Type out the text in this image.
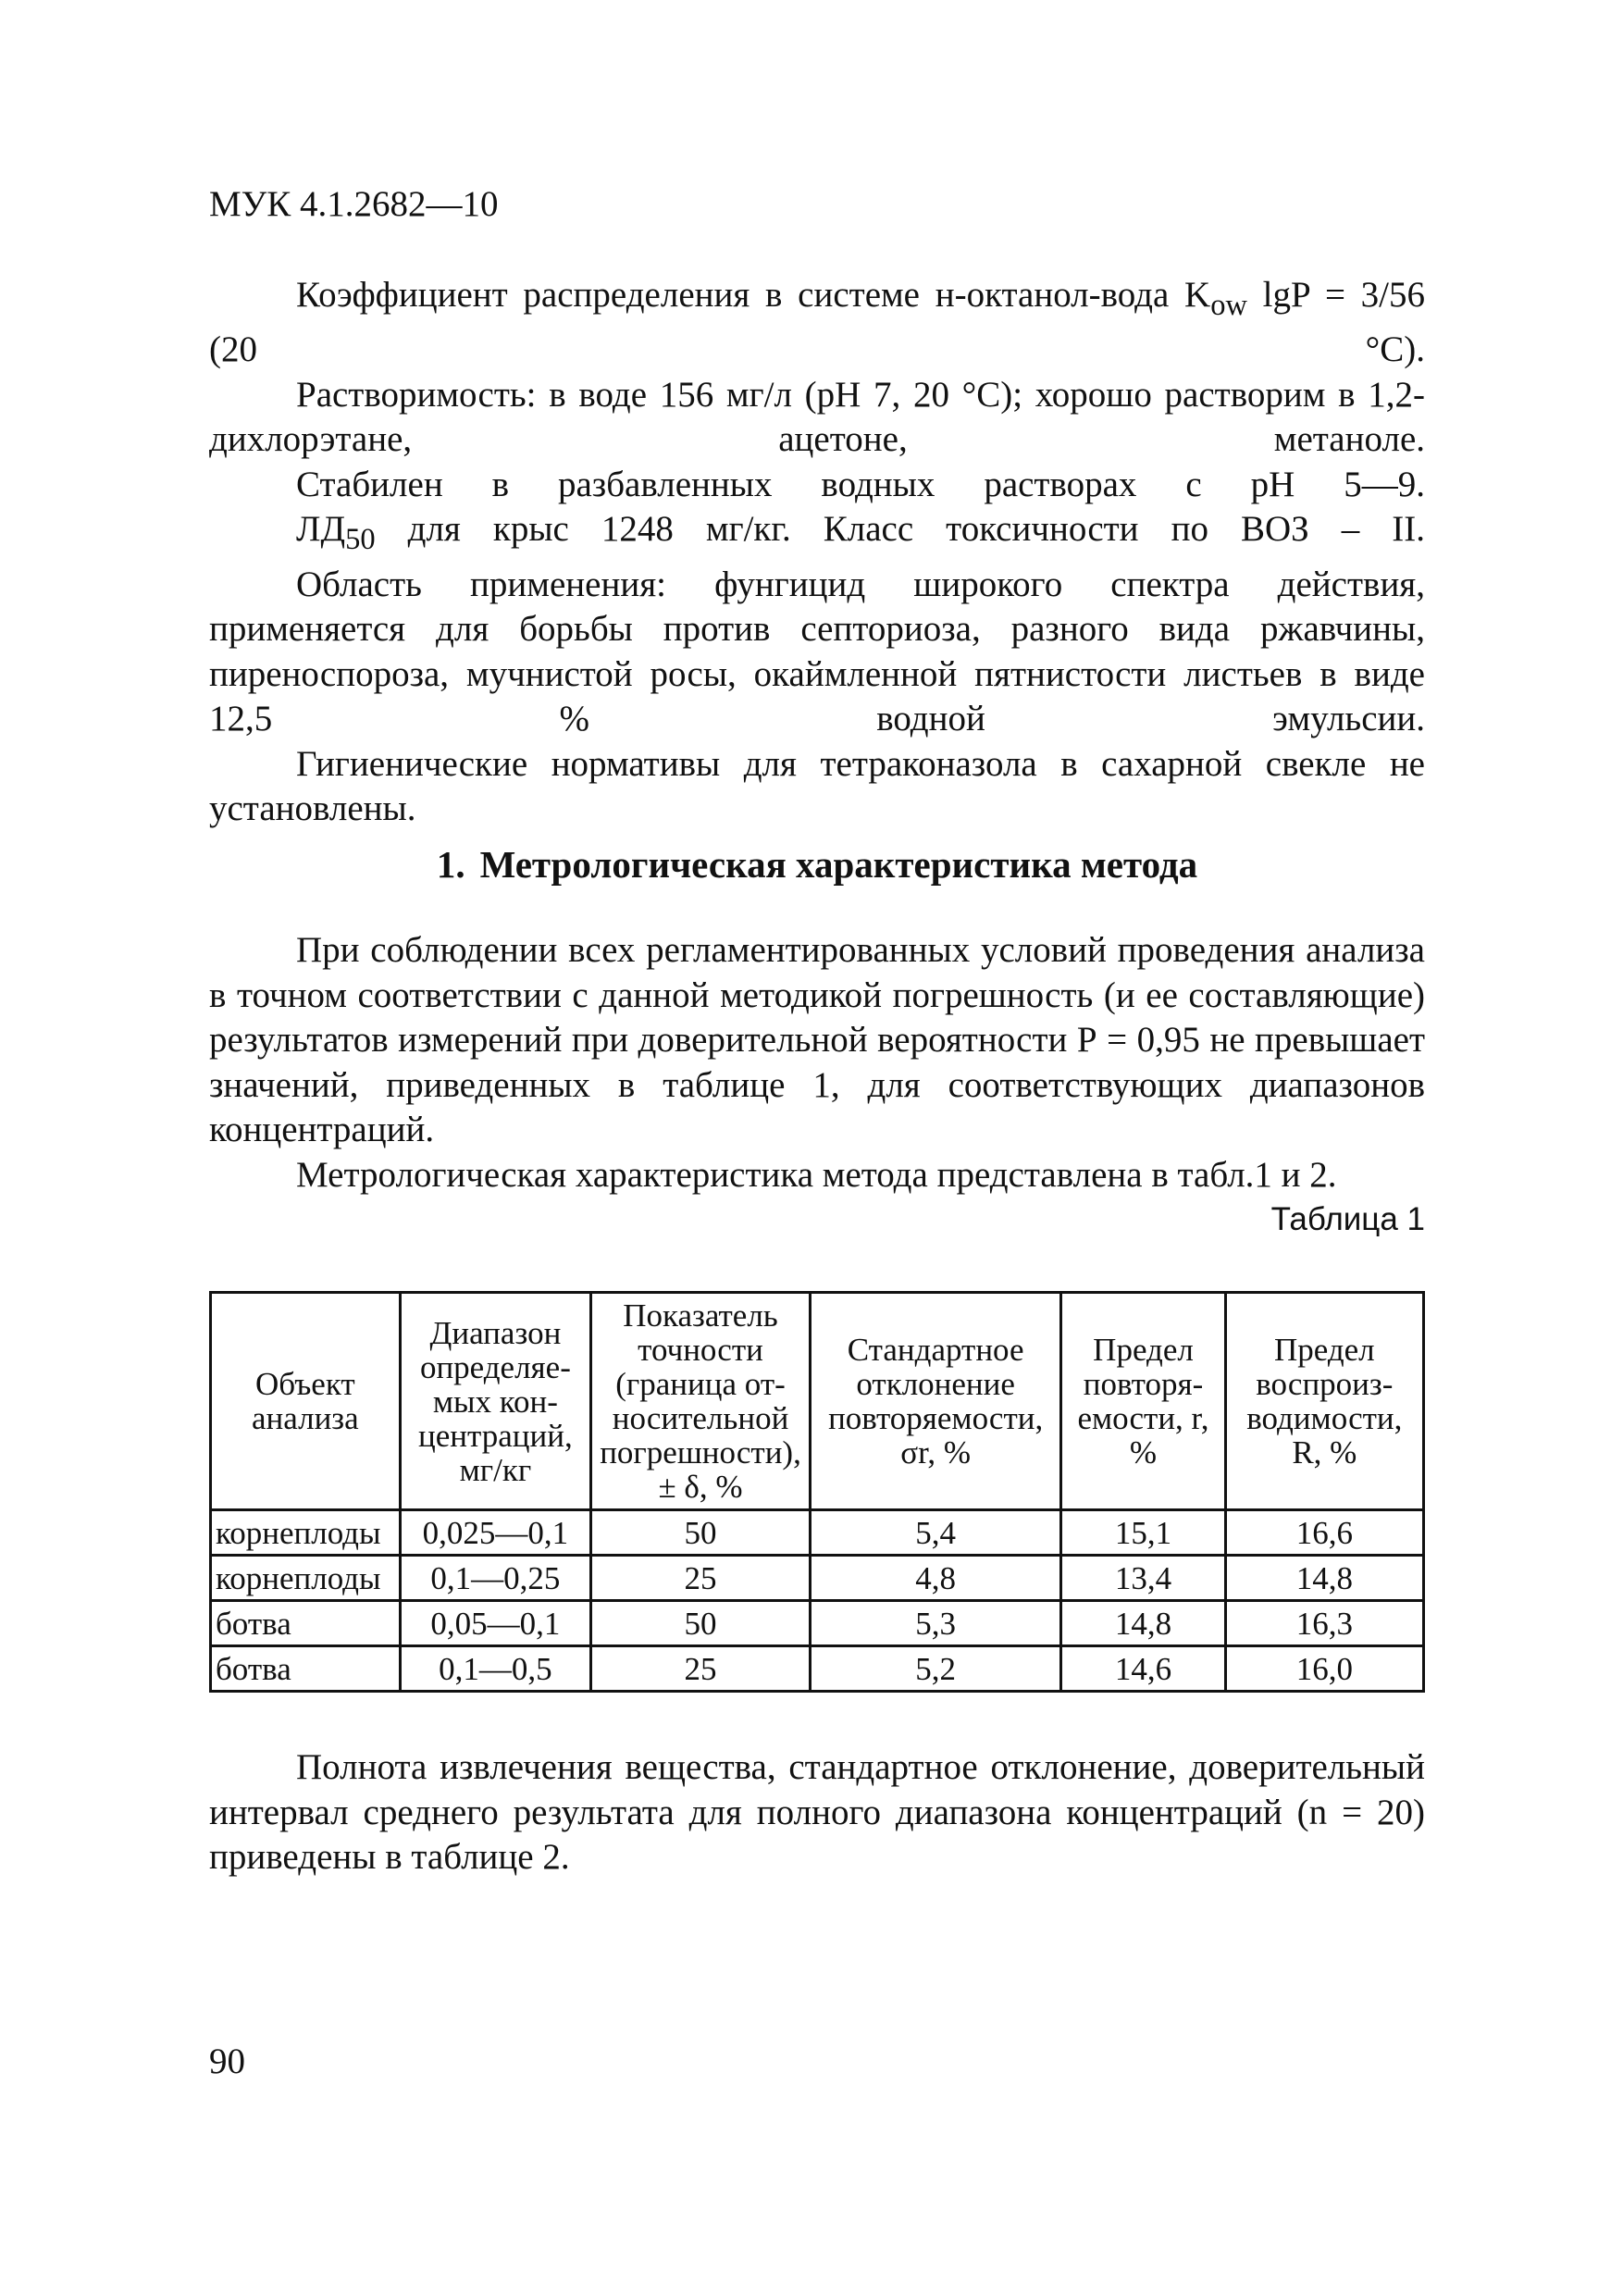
МУК 4.1.2682—10

Коэффициент распределения в системе н-октанол-вода $K_{ow}$ lgP = 3/56 (20 °С).

Растворимость: в воде 156 мг/л (рН 7, 20 °С); хорошо растворим в 1,2-дихлорэтане, ацетоне, метаноле.

Стабилен в разбавленных водных растворах с рН 5—9.

$ЛД_{50}$ для крыс 1248 мг/кг. Класс токсичности по ВОЗ – II.

Область применения: фунгицид широкого спектра действия, применяется для борьбы против септориоза, разного вида ржавчины, пиреноспороза, мучнистой росы, окаймленной пятнистости листьев в виде 12,5 % водной эмульсии.

Гигиенические нормативы для тетраконазола в сахарной свекле не установлены.

1. Метрологическая характеристика метода

При соблюдении всех регламентированных условий проведения анализа в точном соответствии с данной методикой погрешность (и ее составляющие) результатов измерений при доверительной вероятности Р = 0,95 не превышает значений, приведенных в таблице 1, для соответствующих диапазонов концентраций.

Метрологическая характеристика метода представлена в табл.1 и 2.

Таблица 1
Объект анализа	Диапазон определяемых концентраций, мг/кг	Показатель точности (граница относительной погрешности), ± δ, %	Стандартное отклонение повторяемости, σr, %	Предел повторяемости, r, %	Предел воспроизводимости, R, %
корнеплоды	0,025—0,1	50	5,4	15,1	16,6
корнеплоды	0,1—0,25	25	4,8	13,4	14,8
ботва	0,05—0,1	50	5,3	14,8	16,3
ботва	0,1—0,5	25	5,2	14,6	16,0

Полнота извлечения вещества, стандартное отклонение, доверительный интервал среднего результата для полного диапазона концентраций (n = 20) приведены в таблице 2.

90
